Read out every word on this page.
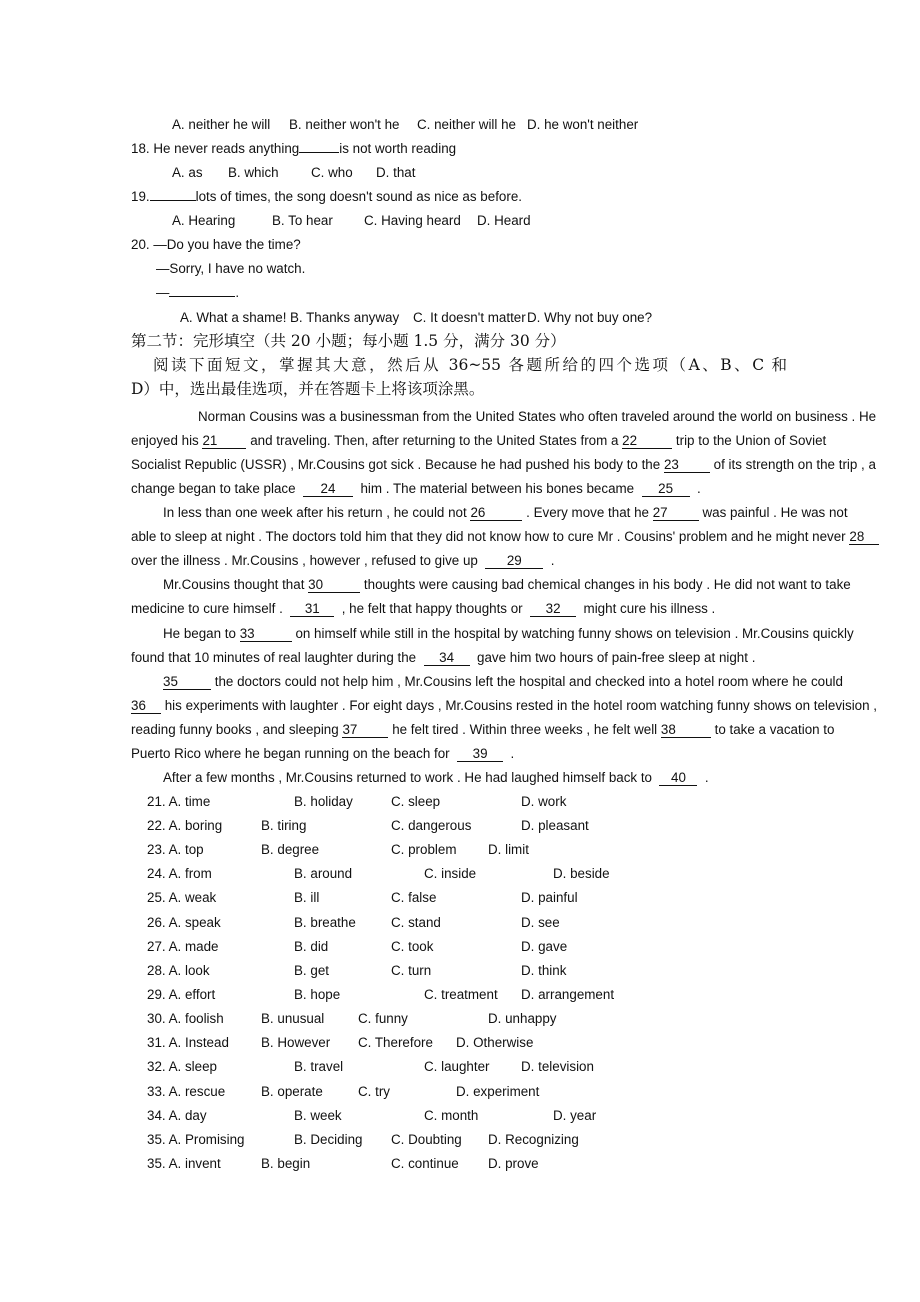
A. neither he will B. neither won't he C. neither will he D. he won't neither
18. He never reads anything	is not worth reading
A. as B. which C. who D. that
19.	lots of times, the song doesn't sound as nice as before.
A. Hearing	B. To hear C. Having heard D. Heard
20. —Do you have the time?
—Sorry, I have no watch.
—	.
A. What a shame! B. Thanks anyway C. It doesn't matter D. Why not buy one?
第二节：完形填空（共 20 小题；每小题 1.5 分，满分 30 分）
阅读下面短文，掌握其大意，然后从 36~55 各题所给的四个选项（A、B、C 和
D）中，选出最佳选项，并在答题卡上将该项涂黑。
Norman Cousins was a businessman from the United States who often traveled around the world on business . He
enjoyed his 21 and traveling. Then, after returning to the United States from a 22	trip to the Union of Soviet
Socialist Republic (USSR) , Mr.Cousins got sick . Because he had pushed his body to the 23	of its strength on the trip , a
change began to take place 24 him . The material between his bones became 25 .
In less than one week after his return , he could not 26	. Every move that he 27	was painful . He was not
able to sleep at night . The doctors told him that they did not know how to cure Mr . Cousins' problem and he might never 28
over the illness . Mr.Cousins , however , refused to give up 29 .
Mr.Cousins thought that 30	thoughts were causing bad chemical changes in his body . He did not want to take
medicine to cure himself . 31 , he felt that happy thoughts or 32 might cure his illness .
He began to 33	on himself while still in the hospital by watching funny shows on television . Mr.Cousins quickly
found that 10 minutes of real laughter during the 34 gave him two hours of pain-free sleep at night .
35	the doctors could not help him , Mr.Cousins left the hospital and checked into a hotel room where he could
36 his experiments with laughter . For eight days , Mr.Cousins rested in the hotel room watching funny shows on television ,
reading funny books , and sleeping 37	he felt tired . Within three weeks , he felt well 38	to take a vacation to
Puerto Rico where he began running on the beach for 39 .
After a few months , Mr.Cousins returned to work . He had laughed himself back to 40 .
21. A. time	B. holiday	C. sleep	D. work
22. A. boring	B. tiring	C. dangerous	D. pleasant
23. A. top	B. degree	C. problem D. limit
24. A. from	B. around	C. inside	D. beside
25. A. weak	B. ill	C. false	D. painful
26. A. speak	B. breathe	C. stand	D. see
27. A. made	B. did	C. took	D. gave
28. A. look	B. get	C. turn	D. think
29. A. effort	B. hope	C. treatment D. arrangement
30. A. foolish	B. unusual	C. funny	D. unhappy
31. A. Instead B. However C. Therefore D. Otherwise
32. A. sleep	B. travel	C. laughter D. television
33. A. rescue	B. operate	C. try	D. experiment
34. A. day	B. week	C. month	D. year
35. A. Promising	B. Deciding C. Doubting D. Recognizing
35. A. invent	B. begin	C. continue D. prove
